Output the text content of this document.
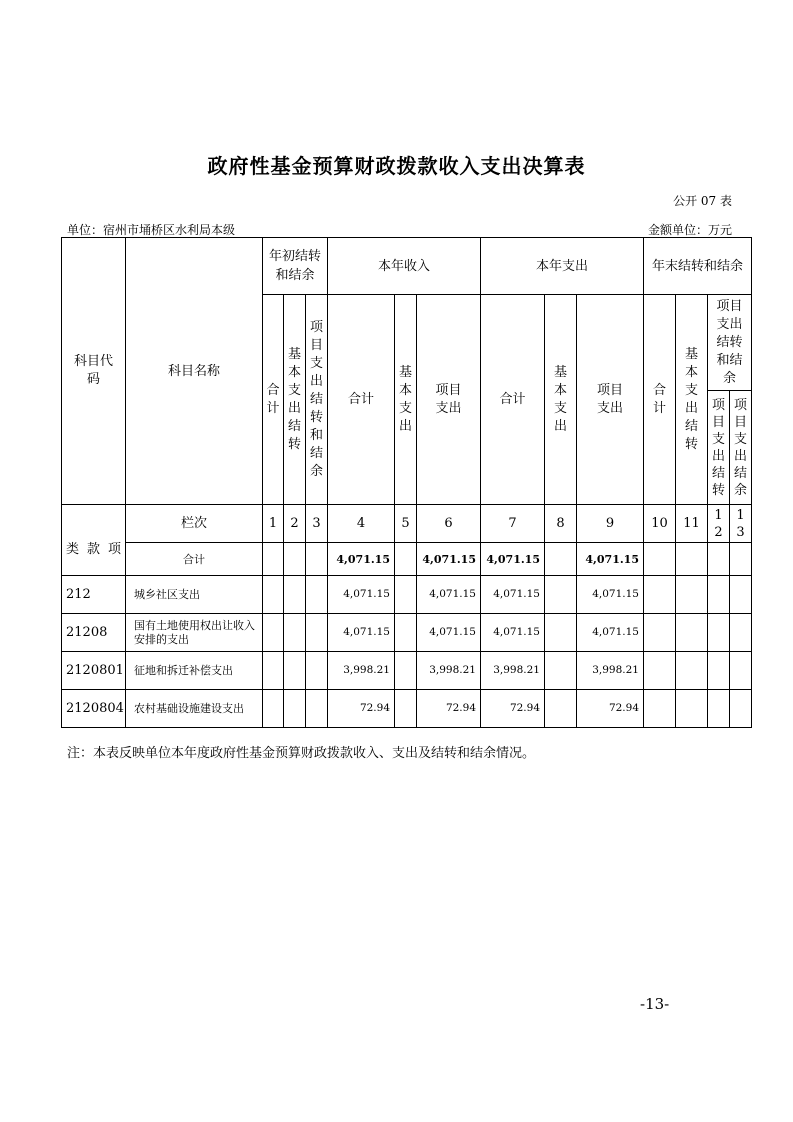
政府性基金预算财政拨款收入支出决算表
公开 07 表
单位：宿州市埇桥区水利局本级	金额单位：万元
科目代码	科目名称	年初结转和结余			本年收入			本年支出			年末结转和结余			
		合计	基本支出结转	项目支出结转和结余	合计	基本支出	项目支出	合计	基本支出	项目支出	合计	基本支出结转	项目支出结转和结余	
													项目支出结转	项目支出结余

类 款 项	栏次	1	2	3	4	5	6	7	8	9	10	11	12	13
	合计				4,071.15		4,071.15	4,071.15		4,071.15				
212	城乡社区支出				4,071.15		4,071.15	4,071.15		4,071.15				
21208	国有土地使用权出让收入安排的支出				4,071.15		4,071.15	4,071.15		4,071.15				
2120801	征地和拆迁补偿支出				3,998.21		3,998.21	3,998.21		3,998.21				
2120804	农村基础设施建设支出				72.94		72.94	72.94		72.94				
注：本表反映单位本年度政府性基金预算财政拨款收入、支出及结转和结余情况。
-13-
